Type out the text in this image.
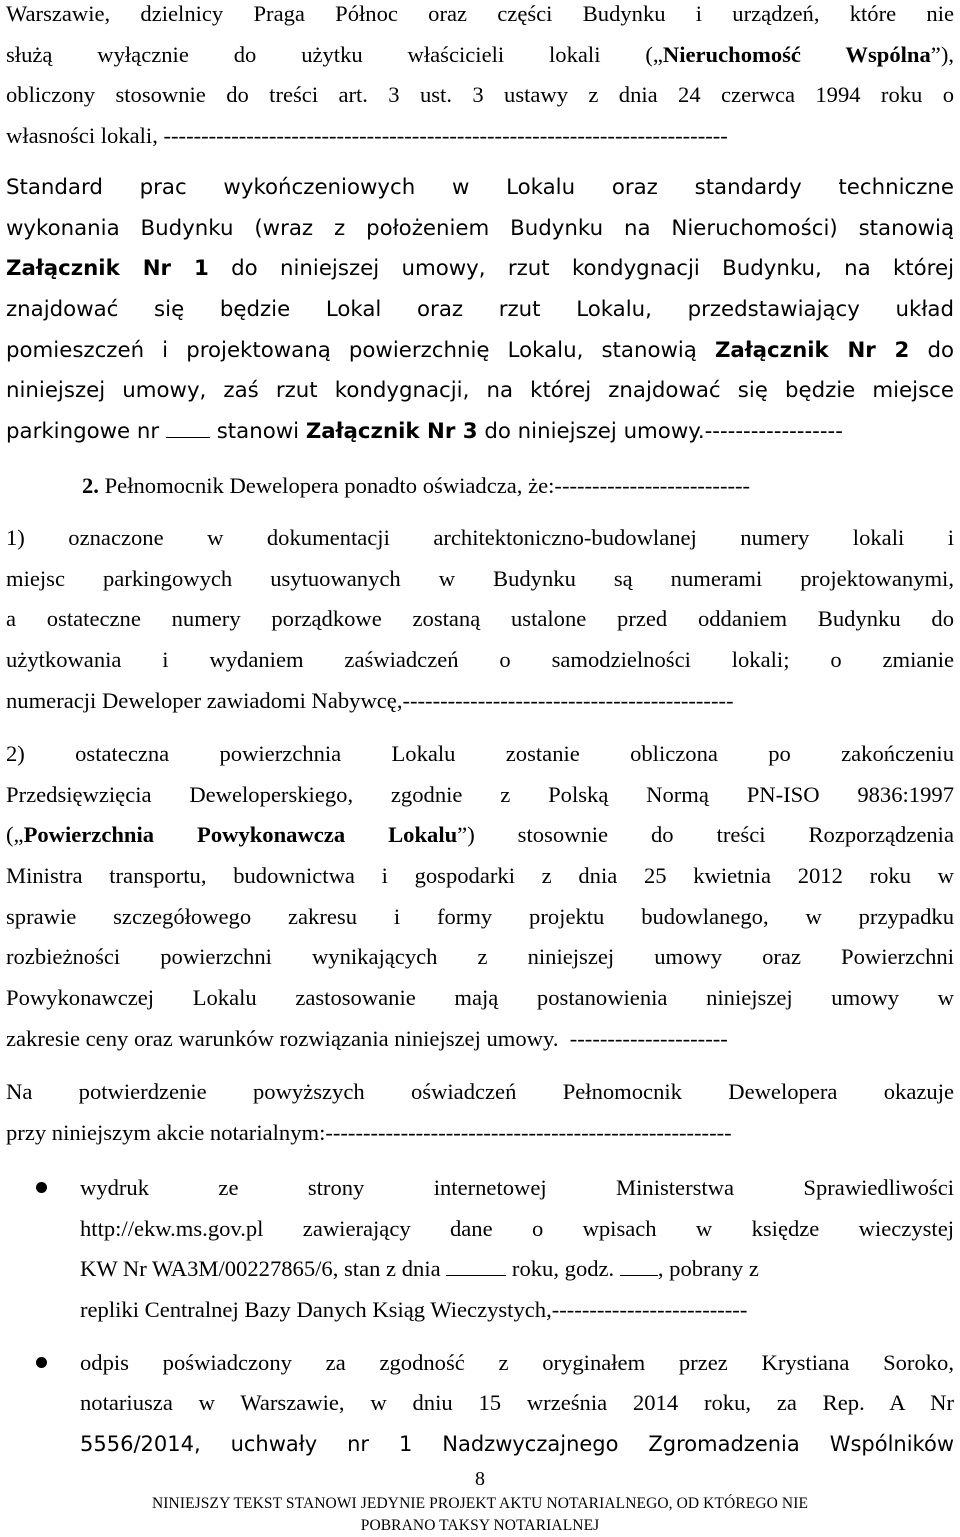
Warszawie, dzielnicy Praga Północ oraz części Budynku i urządzeń, które nie
służą wyłącznie do użytku właścicieli lokali („Nieruchomość Wspólna”),
obliczony stosownie do treści art. 3 ust. 3 ustawy z dnia 24 czerwca 1994 roku o
własności lokali, ---------------------------------------------------------------------------
Standard prac wykończeniowych w Lokalu oraz standardy techniczne
wykonania Budynku (wraz z położeniem Budynku na Nieruchomości) stanowią
Załącznik Nr 1 do niniejszej umowy, rzut kondygnacji Budynku, na której
znajdować się będzie Lokal oraz rzut Lokalu, przedstawiający układ
pomieszczeń i projektowaną powierzchnię Lokalu, stanowią Załącznik Nr 2 do
niniejszej umowy, zaś rzut kondygnacji, na której znajdować się będzie miejsce
parkingowe nr  stanowi Załącznik Nr 3 do niniejszej umowy.------------------
2. Pełnomocnik Dewelopera ponadto oświadcza, że:--------------------------
1) oznaczone w dokumentacji architektoniczno-budowlanej numery lokali i
miejsc parkingowych usytuowanych w Budynku są numerami projektowanymi,
a ostateczne numery porządkowe zostaną ustalone przed oddaniem Budynku do
użytkowania i wydaniem zaświadczeń o samodzielności lokali; o zmianie
numeracji Deweloper zawiadomi Nabywcę,--------------------------------------------
2) ostateczna powierzchnia Lokalu zostanie obliczona po zakończeniu
Przedsięwzięcia Deweloperskiego, zgodnie z Polską Normą PN-ISO 9836:1997
(„Powierzchnia Powykonawcza Lokalu”) stosownie do treści Rozporządzenia
Ministra transportu, budownictwa i gospodarki z dnia 25 kwietnia 2012 roku w
sprawie szczegółowego zakresu i formy projektu budowlanego, w przypadku
rozbieżności powierzchni wynikających z niniejszej umowy oraz Powierzchni
Powykonawczej Lokalu zastosowanie mają postanowienia niniejszej umowy w
zakresie ceny oraz warunków rozwiązania niniejszej umowy.  ---------------------
Na potwierdzenie powyższych oświadczeń Pełnomocnik Dewelopera okazuje
przy niniejszym akcie notarialnym:------------------------------------------------------
wydruk ze strony internetowej Ministerstwa Sprawiedliwości
http://ekw.ms.gov.pl zawierający dane o wpisach w księdze wieczystej
KW Nr WA3M/00227865/6, stan z dnia	roku, godz. , pobrany z
repliki Centralnej Bazy Danych Ksiąg Wieczystych,--------------------------
odpis poświadczony za zgodność z oryginałem przez Krystiana Soroko,
notariusza w Warszawie, w dniu 15 września 2014 roku, za Rep. A Nr
5556/2014, uchwały nr 1 Nadzwyczajnego Zgromadzenia Wspólników
8
NINIEJSZY TEKST STANOWI JEDYNIE PROJEKT AKTU NOTARIALNEGO, OD KTÓREGO NIE
POBRANO TAKSY NOTARIALNEJ
